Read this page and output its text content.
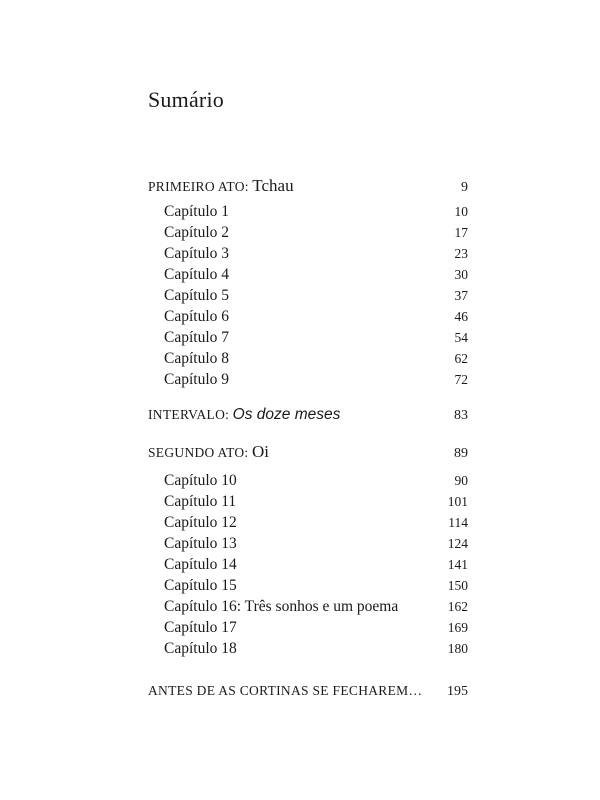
Sumário
PRIMEIRO ATO: Tchau	9
Capítulo 1	10
Capítulo 2	17
Capítulo 3	23
Capítulo 4	30
Capítulo 5	37
Capítulo 6	46
Capítulo 7	54
Capítulo 8	62
Capítulo 9	72
INTERVALO: Os doze meses	83
SEGUNDO ATO: Oi	89
Capítulo 10	90
Capítulo 11	101
Capítulo 12	114
Capítulo 13	124
Capítulo 14	141
Capítulo 15	150
Capítulo 16: Três sonhos e um poema	162
Capítulo 17	169
Capítulo 18	180
ANTES DE AS CORTINAS SE FECHAREM…	195
